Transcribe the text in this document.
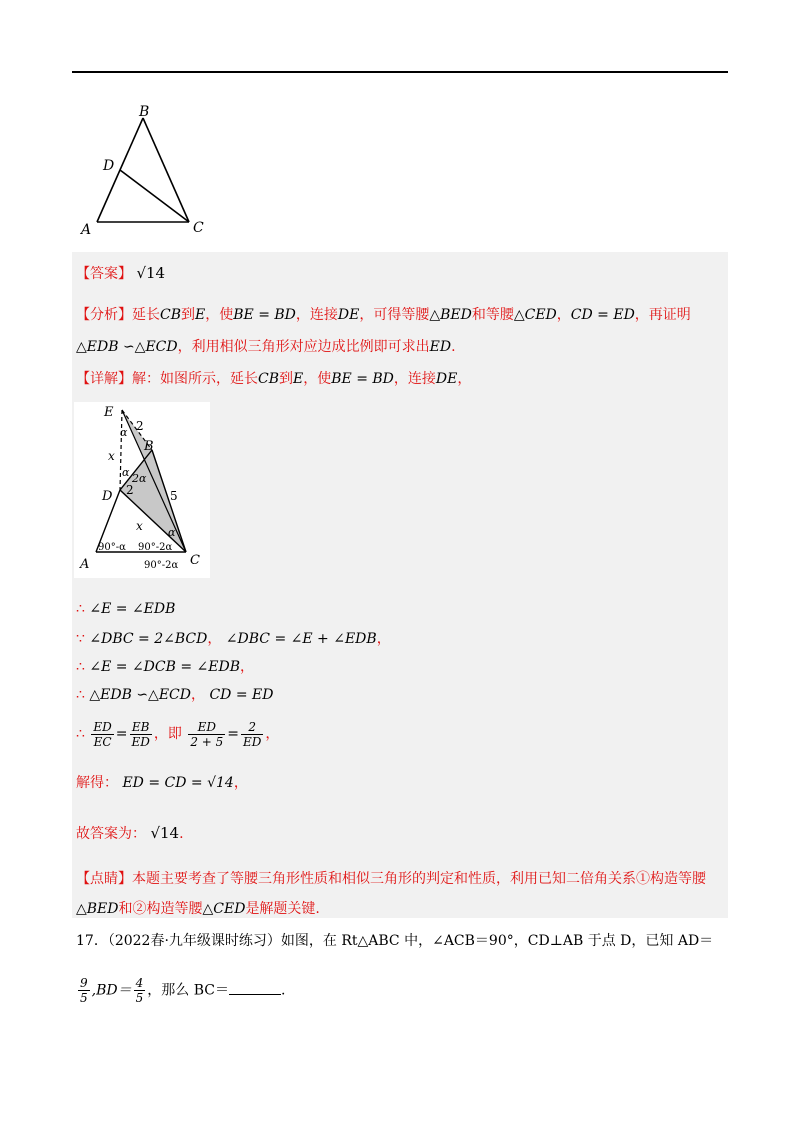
B
D
A	C
【答案】 √14
【分析】延长CB到E，使BE = BD，连接DE，可得等腰△BED和等腰△CED，CD = ED，再证明
△EDB ∽△ECD，利用相似三角形对应边成比例即可求出ED.
【详解】解：如图所示，延长CB到E，使BE = BD，连接DE，
E
B
D
A	C
2
x
2	5
x
α
α 2α
α
90°-α 90°-2α
90°-2α
∴ ∠E = ∠EDB
∵ ∠DBC = 2∠BCD， ∠DBC = ∠E + ∠EDB，
∴ ∠E = ∠DCB = ∠EDB，
∴ △EDB ∽△ECD， CD = ED
∴ $\frac{ED}{EC} = \frac{EB}{ED}$ ，即 $\frac{ED}{2 + 5} = \frac{2}{ED}$ ，
解得： ED = CD = √14，
故答案为： √14.
【点睛】本题主要考查了等腰三角形性质和相似三角形的判定和性质，利用已知二倍角关系①构造等腰
△BED和②构造等腰△CED是解题关键.
17．（2022春·九年级课时练习）如图，在 Rt△ABC 中，∠ACB＝90°，CD⊥AB 于点 D，已知 AD＝
$\frac{9}{5} ,BD= \frac{4}{5}$ ，那么 BC＝	.
